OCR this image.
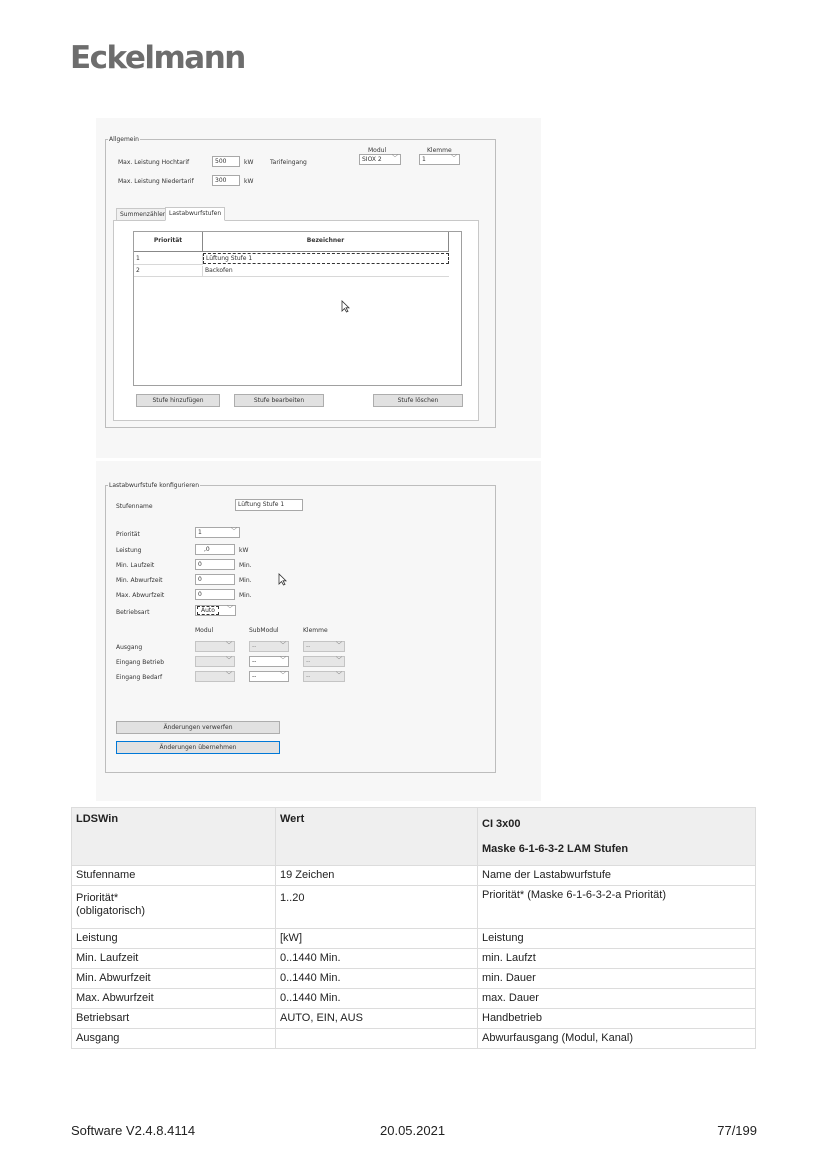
Eckelmann
Allgemein
Max. Leistung Hochtarif	500	kW	Tarifeingang
Modul	Klemme
SIOX 2 ﹀	1	﹀
Max. Leistung Niedertarif	300	kW
Summenzähler Lastabwurfstufen
Priorität	Bezeichner
1	Lüftung Stufe 1
2	Backofen
Stufe hinzufügen	Stufe bearbeiten	Stufe löschen
Lastabwurfstufe konfigurieren
Stufenname	Lüftung Stufe 1
Priorität	1	﹀
Leistung	,0	kW
Min. Laufzeit	0	Min.
Min. Abwurfzeit	0	Min.
Max. Abwurfzeit	0	Min.
Betriebsart	Auto ﹀
Modul	SubModul	Klemme
Ausgang	﹀	--	﹀	--	﹀
Eingang Betrieb	﹀	--	﹀	--	﹀
Eingang Bedarf	﹀	--	﹀	--	﹀
Änderungen verwerfen
Änderungen übernehmen
LDSWin	Wert	CI 3x00
Maske 6-1-6-3-2 LAM Stufen

Stufenname	19 Zeichen	Name der Lastabwurfstufe
Priorität*
(obligatorisch)	1..20	Priorität* (Maske 6-1-6-3-2-a Priorität)
Leistung	[kW]	Leistung
Min. Laufzeit	0..1440 Min.	min. Laufzt
Min. Abwurfzeit	0..1440 Min.	min. Dauer
Max. Abwurfzeit	0..1440 Min.	max. Dauer
Betriebsart	AUTO, EIN, AUS	Handbetrieb
Ausgang		Abwurfausgang (Modul, Kanal)
Software V2.4.8.4114	20.05.2021	77/199
